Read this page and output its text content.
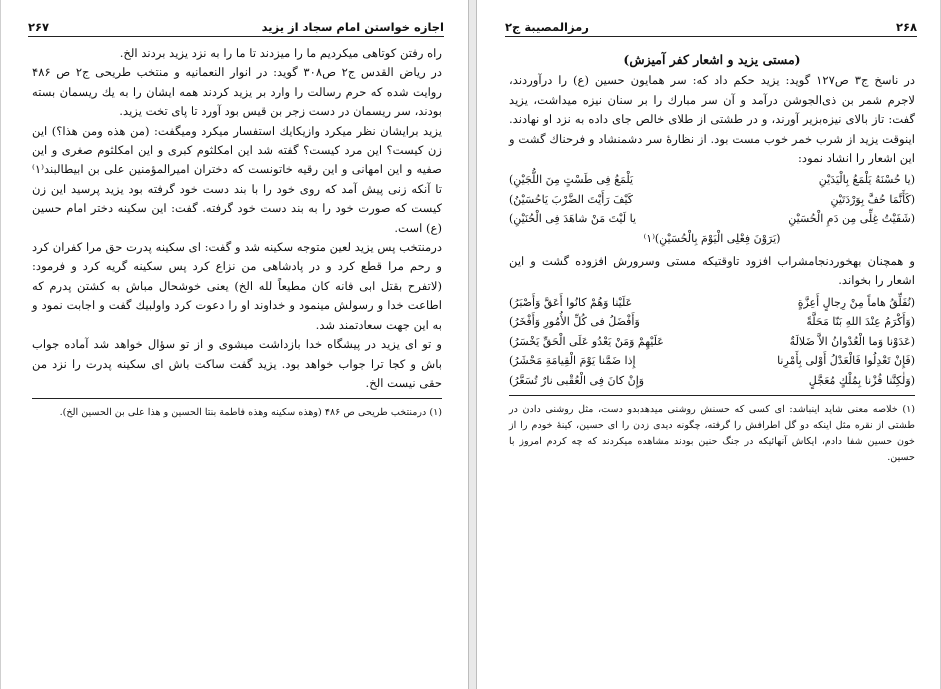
۲۶۷	اجازه خواستن امام سجاد از یزید

راه رفتن کوتاهی میکردیم ما را میزدند تا ما را به نزد یزید بردند الخ.

در ریاض القدس ج۲ ص۳۰۸ گوید: در انوار النعمانیه و منتخب طریحی ج۲ ص ۴۸۶ روایت شده که حرم رسالت را وارد بر یزید کردند همه ایشان را به یك ریسمان بسته بودند، سر ریسمان در دست زجر بن قیس بود آورد تا پای تخت یزید.

یزید برایشان نظر میکرد وازیکایك استفسار میکرد ومیگفت: (من هذه ومن هذا؟) این زن کیست؟ این مرد کیست؟ گفته شد این امکلثوم کبری و این امکلثوم صغری و این صفیه و این امهانی و این رقیه خاتونست که دختران امیرالمؤمنین علی بن ابیطالبند⁽۱⁾ تا آنکه زنی پیش آمد که روی خود را با بند دست خود گرفته بود یزید پرسید این زن کیست که صورت خود را به بند دست خود گرفته. گفت: این سکینه دختر امام حسین (ع) است.

درمنتخب پس یزید لعین متوجه سکینه شد و گفت: ای سکینه پدرت حق مرا کفران کرد و رحم مرا قطع کرد و در پادشاهی من نزاع کرد پس سکینه گریه کرد و فرمود: (لاتفرح بقتل ابی فانه کان مطیعاً لله الخ) یعنی خوشحال مباش به کشتن پدرم که اطاعت خدا و رسولش مینمود و خداوند او را دعوت کرد واولبیك گفت و اجابت نمود و به این جهت سعادتمند شد.

و تو ای یزید در پیشگاه خدا بازداشت میشوی و از تو سؤال خواهد شد آماده جواب باش و کجا ترا جواب خواهد بود. یزید گفت ساکت باش ای سکینه پدرت را نزد من حقی نیست الخ.

(۱) درمنتخب طریحی ص ۴۸۶ (وهذه سکینه وهذه فاطمة بنتا الحسین و هذا علی بن الحسین الخ).

رمزالمصیبة ج۲	۲۶۸
(مستی یزید و اشعار کفر آمیزش)

در ناسخ ج۳ ص۱۲۷ گوید: یزید حکم داد که: سر همایون حسین (ع) را درآوردند، لاجرم شمر بن ذی‌الجوشن درآمد و آن سر مبارك را بر سنان نیزه میداشت، یزید گفت: تاز بالای نیزه‌بزیر آورند، و در طشتی از طلای خالص جای داده به نزد او نهادند. اینوقت یزید از شرب خمر خوب مست بود. از نظارهٔ سر دشمنشاد و فرحناك گشت و این اشعار را انشاد نمود:

(یا حُسْنَهُ یَلْمَعُ بِالْیَدَیْنِ
یَلْمَعُ فِی طَسْتٍ مِنَ اللُّجَیْنِ)
(كَأَنَّمَا حُفَّ بِوَرْدَتَیْنِ
كَیْفَ رَأَیْتَ الضَّرْبَ یَاحُسَیْنُ)
(شَفَیْتُ غِلِّی مِن دَمِ الْحُسَیْنِ
یا لَیْتَ مَنْ شاهَدَ فِی الْحُنَیْنِ)
(یَرَوْنَ فِعْلِی الْیَوْمَ بِالْحُسَیْنِ)⁽۱⁾

و همچنان بهخوردنجامشراب افزود تاوقتیکه مستی وسرورش افزوده گشت و این اشعار را بخواند.

(نُفَلِّقُ هاماً مِنْ رِجالٍ أَعِزَّةٍ
عَلَیْنا وَهُمْ كانُوا أَعَقَّ وَأَصْبَرُ)
(وَأَكْرَمُ عِنْدَ اللهِ بَنّا مَحَلَّةً
وَأَفْضَلُ فی كُلِّ الأُمُورِ وَأَفْخَرُ)
(عَدَوْنا وَما الْعُدْوانُ الاَّ ضَلالَةٌ
عَلَیْهِمْ وَمَنْ یَعْدُو عَلَی الْحَقِّ یَخْسَرُ)
(فَإِنْ تَعْدِلُوا فَالْعَدْلُ أَوْلی بِأَمْرِنا
إِذا ضَمَّنا یَوْمَ الْقِیامَةِ مَحْشَرُ)
(وَلٰكِنَّنا فُزْنا بِمُلْكٍ مُعَجَّلٍ
وَإِنْ كانَ فِی الْعُقْبی نارٌ تُسَعَّرُ)

(۱) خلاصه معنی شاید اینباشد: ای کسی که حسنش روشنی میدهدبدو دست، مثل روشنی دادن در طشتی از نقره مثل اینکه دو گل اطرافش را گرفته، چگونه دیدی زدن را ای حسین، کینهٔ خودم را از خون حسین شفا دادم، ایکاش آنهائیکه در جنگ حنین بودند مشاهده میکردند که چه کردم امروز با حسین.
